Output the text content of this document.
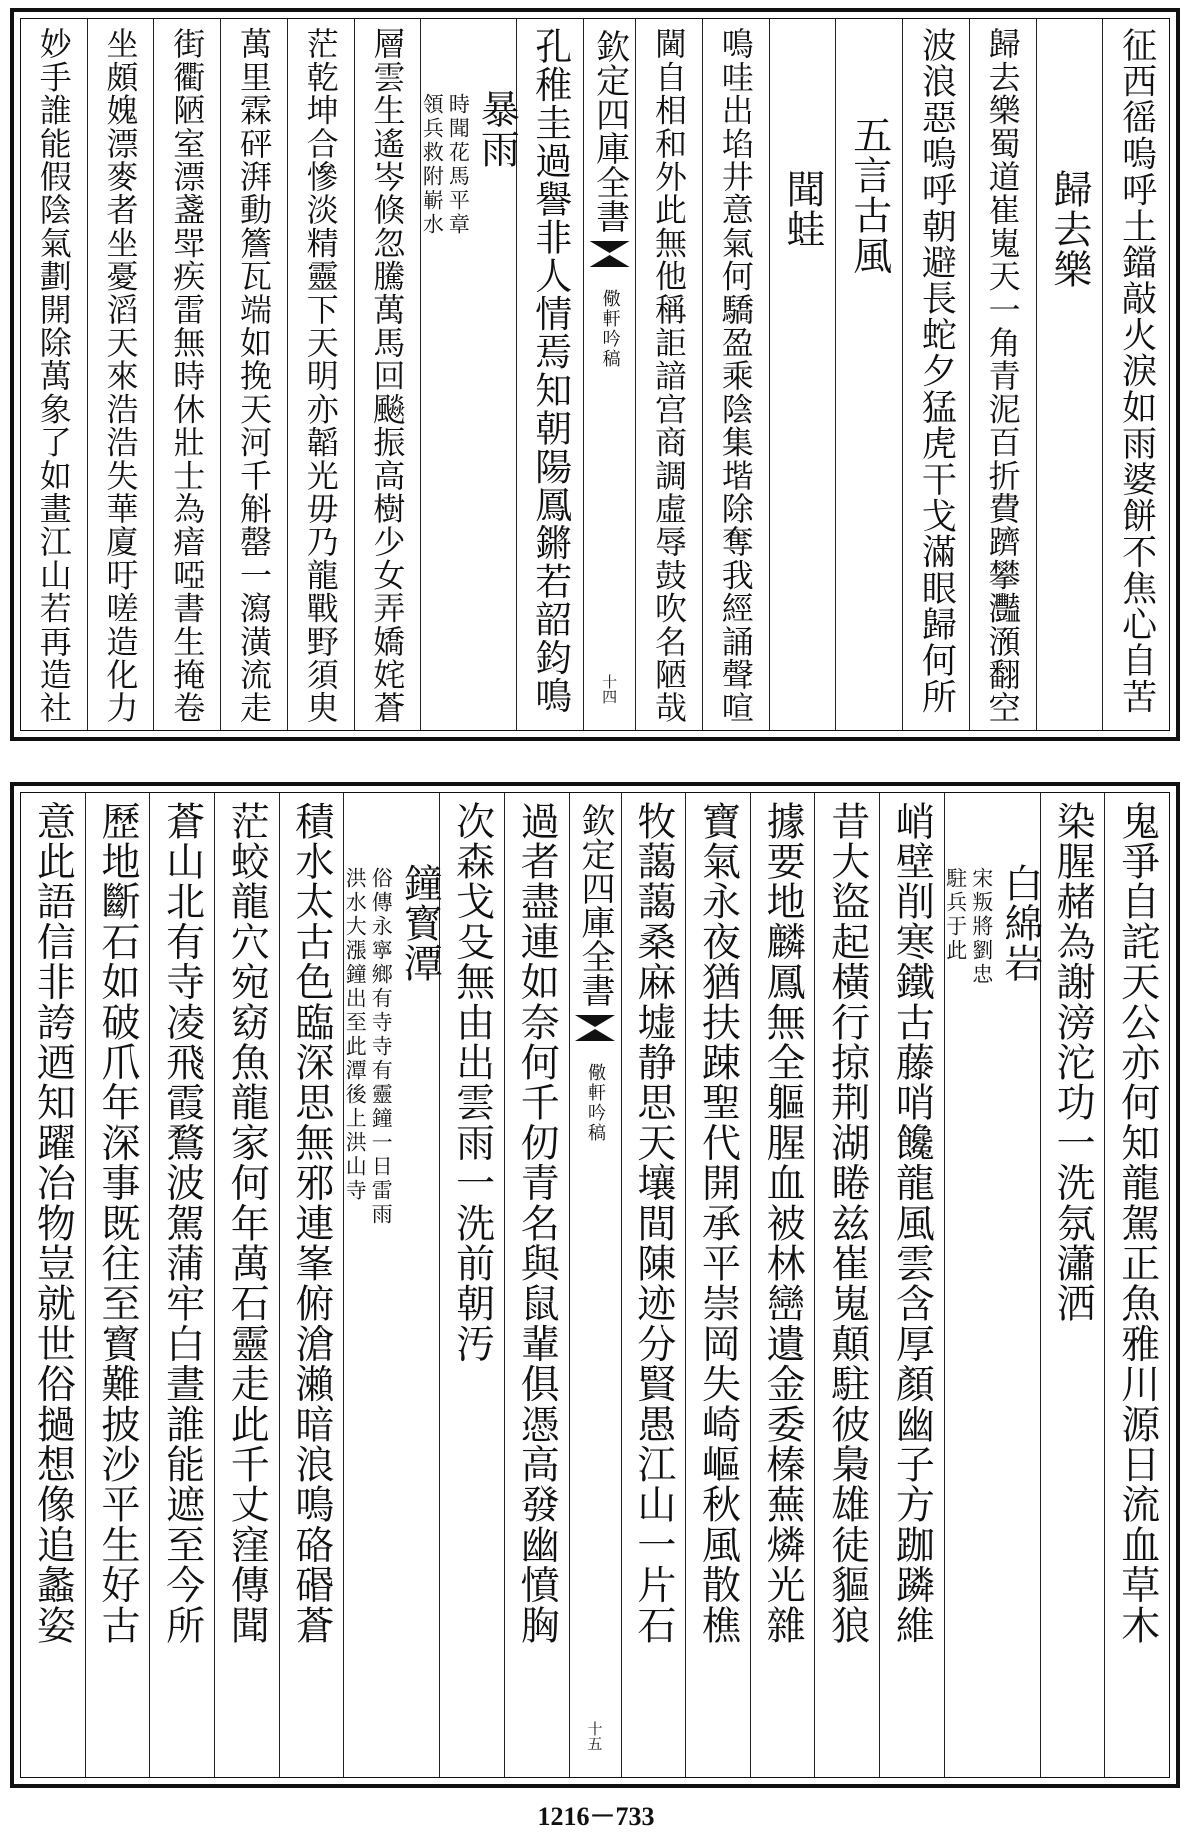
征西徭嗚呼土鐺敲火淚如雨婆餅不焦心自苦
歸去樂
歸去樂蜀道崔嵬天一角青泥百折費躋攀灩澦翻空
波浪惡嗚呼朝避長蛇夕猛虎干戈滿眼歸何所
五言古風
聞蛙
鳴哇出埳井意氣何驕盈乘陰集堦除奪我經誦聲喧
閫自相和外此無他稱詎諳宫商調虛辱鼓吹名陋哉
欽定四庫全書
儆軒吟稿
十四
孔稚圭過譽非人情焉知朝陽鳳鏘若韶鈞鳴
暴雨
時聞花馬平章
領兵救附嶄水
層雲生遙岑倏忽騰萬馬回飈振高樹少女弄嬌姹蒼
茫乾坤合慘淡精靈下天明亦韜光毋乃龍戰野須㬰
萬里霖砰湃動簷瓦端如挽天河千斛罄一瀉潢流走
街衢陋室漂盞斝疾雷無時休壯士為瘖啞書生掩卷
坐頗媿漂麥者坐憂滔天來浩浩失華廈吁嗟造化力
妙手誰能假陰氣劃開除萬象了如畫江山若再造社
鬼爭自詫天公亦何知龍駕正魚雅川源日流血草木
染腥赭為謝滂沱功一洗氛瀟洒
白綿岩
宋叛將劉忠
駐兵于此
峭壁削寒鐵古藤哨饞龍風雲含厚顏幽子方跏蹸維
昔大盜起橫行掠荆湖睠兹崔嵬顛駐彼梟雄徒貙狼
據要地麟鳳無全軀腥血被林巒遺金委榛蕪燐光雜
寶氣永夜猶扶踈聖代開承平崇岡失崎嶇秋風散樵
牧藹藹桑麻墟静思天壤間陳迹分賢愚江山一片石
欽定四庫全書
儆軒吟稿
十五
過者盡連如奈何千仞青名與鼠輩俱憑高發幽憤胸
次森戈殳無由出雲雨一洗前朝汚
鐘寳潭
俗傳永寧鄉有寺寺有靈鐘一日雷雨
洪水大漲鐘出至此潭後上洪山寺
積水太古色臨深思無邪連峯俯滄瀨暗浪鳴硌䃉蒼
茫蛟龍穴宛窈魚龍家何年萬石靈走此千丈窪傳聞
蒼山北有寺凌飛霞鶩波駕蒲牢白晝誰能遮至今所
歷地斷石如破爪年深事既往至寳難披沙平生好古
意此語信非誇迺知躍冶物豈就世俗撾想像追蠡姿
1216－733
